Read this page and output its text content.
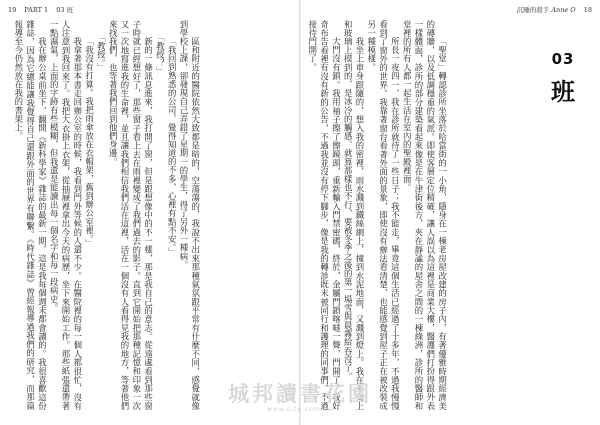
19 PART 1 03 班	沉睡的殺手 Anne O 18

區和附近的醫院依然大致都是暗的，空蕩蕩的，我說不出來那種氣氛跟平常有什麼不同，感覺就像到學校上課，卻發現自己弄錯了星期一的學生，得了另外一種病。

「我回到熟悉的公司，覺得知道的不多，心裡有點不安。」

「教授？」

新的一條訊息進來，我打開了窗，但是跟想像中的不一樣，那是我自己的意志。從遠處看到那些窗子時就已經想好了，那些窗子看上去在雨裡變成了我們過去的影子。直到它開始把那種記憶和印象一次又一次地寫進我的生命裡，並且讓我們相信我們活在這裡，活在一個沒有人看得見我的地方，等著他們來找我們，也等著我們回到他們身邊。

「教授。」

「我沒有打算。我把雨傘放在衣帽架，舊到辦公室裡。」

我拿著那本書走回辦公室的時候，我看到門外等候的人還不少。在醫院裡的每一個人都很忙，沒有人注意到我回來了。我把大衣掛上衣架，從抽屜裡拿出今天的病歷，坐下來開始工作。那些紙張還帶著一點濕氣，上面的字跡有些模糊，但我還是能讀出每一個名字和每一段病史。

我在辦公桌前坐下，翻開《新科學家》雜誌的最新一期，這是我每個週末都會讀的。我很喜歡這份雜誌，因為它總能讓我覺得自己還跟外面的世界有聯繫。《時代雜誌》曾經報導過我們的研究，而那篇報導至今仍然放在我的書架上。	03
班

「聖堂」轉認診所坐落於哈當街的一小角，隱身在一棟老房屋改建的房子內，有著優雅時期經濟美的磚牆，以及低調穩重的氣派。即使客層定位精確，讓人誤以為這裡是商業大樓，醫護們打扮得跟外表一樣體面，診所的部分建築看起來像是在牛津街後方，夾在靜謐的屋舍之間的一棟綠洲，診所的醫師和堂裡的所有人都一起生活在室內的聖殿裡面。

所長一夜四一，我在診所就待了一些日子；我不能走，畢竟這個生活已經過了十多年，不過我慢慢看到了窗外的世界。我靠著窗台看著外面的景象，即使沒有辦法看清楚，也能感覺到屋子正在被改裝成另一種模樣。

我坐上車身跟隨的，想入我的密裡，雨水濺到鐵絲網上，撞到水泥地面，又濺到燈上。我在手套上和玻璃上摸到的，是冰冷的觸感。就算那樣也不行，要被冬季之後的第一場雪與晨霧給吞沒了。

大門沒有鎖。我用袖子擦了擦鏡頭，重新輸入門禁密碼，終於，金屬門鎖喀噠一聲，門開了。我好奇布告看裡有沒有新的公告，不過我並沒有停下腳步，像是我的轉診既未被同行和護理的同事們，不過接待門開了。

城邦讀書花園
www.cite.com.tw
